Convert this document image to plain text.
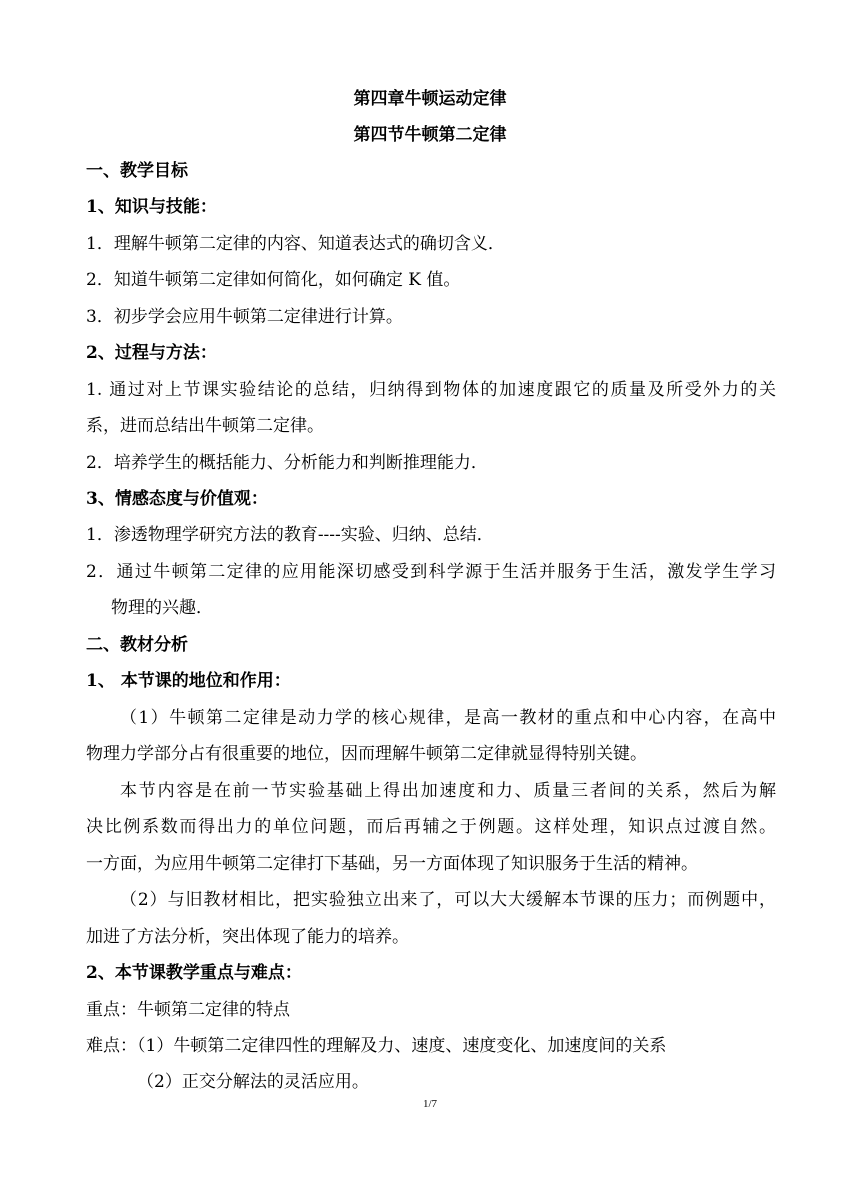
第四章牛顿运动定律
第四节牛顿第二定律
一、教学目标
1、知识与技能：
1．理解牛顿第二定律的内容、知道表达式的确切含义．
2．知道牛顿第二定律如何简化，如何确定 K 值。
3．初步学会应用牛顿第二定律进行计算。
2、过程与方法：
1. 通过对上节课实验结论的总结，归纳得到物体的加速度跟它的质量及所受外力的关
系，进而总结出牛顿第二定律。
2．培养学生的概括能力、分析能力和判断推理能力．
3、情感态度与价值观：
1．渗透物理学研究方法的教育----实验、归纳、总结．
2．通过牛顿第二定律的应用能深切感受到科学源于生活并服务于生活，激发学生学习
物理的兴趣．
二、教材分析
1、 本节课的地位和作用：
（1）牛顿第二定律是动力学的核心规律，是高一教材的重点和中心内容，在高中
物理力学部分占有很重要的地位，因而理解牛顿第二定律就显得特别关键。
本节内容是在前一节实验基础上得出加速度和力、质量三者间的关系，然后为解
决比例系数而得出力的单位问题，而后再辅之于例题。这样处理，知识点过渡自然。
一方面，为应用牛顿第二定律打下基础，另一方面体现了知识服务于生活的精神。
（2）与旧教材相比，把实验独立出来了，可以大大缓解本节课的压力；而例题中，
加进了方法分析，突出体现了能力的培养。
2、本节课教学重点与难点：
重点：牛顿第二定律的特点
难点：（1）牛顿第二定律四性的理解及力、速度、速度变化、加速度间的关系
（2）正交分解法的灵活应用。
1/7
